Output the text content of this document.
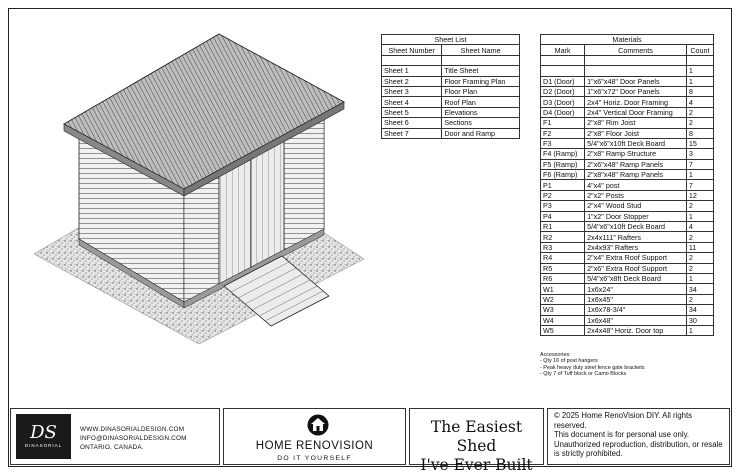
Sheet List	
Sheet Number	Sheet Name

Sheet 1	Title Sheet
Sheet 2	Floor Framing Plan
Sheet 3	Floor Plan
Sheet 4	Roof Plan
Sheet 5	Elevations
Sheet 6	Sections
Sheet 7	Door and Ramp
Materials		
Mark	Comments	Count

		1
D1 (Door)	1"x6"x48" Door Panels	1
D2 (Door)	1"x6"x72" Door Panels	8
D3 (Door)	2x4" Horiz. Door Framing	4
D4 (Door)	2x4" Vertical Door Framing	2
F1	2"x8" Rim Joist	2
F2	2"x8" Floor Joist	8
F3	5/4"x6"x10ft Deck Board	15
F4 (Ramp)	2"x8" Ramp Structure	3
F5 (Ramp)	2"x6"x48" Ramp Panels	7
F6 (Ramp)	2"x8"x48" Ramp Panels	1
P1	4"x4" post	7
P2	2"x2" Posts	12
P3	2"x4" Wood Stud	2
P4	1"x2" Door Stopper	1
R1	5/4"x6"x10ft Deck Board	4
R2	2x4x111" Rafters	2
R3	2x4x93" Rafters	11
R4	2"x4" Extra Roof Support	2
R5	2"x6" Extra Roof Support	2
R6	5/4"x6"x8ft Deck Board	1
W1	1x6x24"	34
W2	1x6x45"	2
W3	1x6x78-3/4"	34
W4	1x6x48"	30
W5	2x4x48" Horiz. Door top	1
Accessories:
- Qty 16 of post hangers
- Peak heavy duty steel fence gate brackets
- Qty 7 of Tuff block or Camo Blocks
DS
DINASORIAL
WWW.DINASORIALDESIGN.COM
INFO@DINASORIALDESIGN.COM
ONTARIO, CANADA.	HOME RENOVISION
DO IT YOURSELF
The Easiest Shed
I've Ever Built
© 2025 Home RenoVision DIY. All rights reserved.
This document is for personal use only. Unauthorized reproduction, distribution, or resale is strictly prohibited.
